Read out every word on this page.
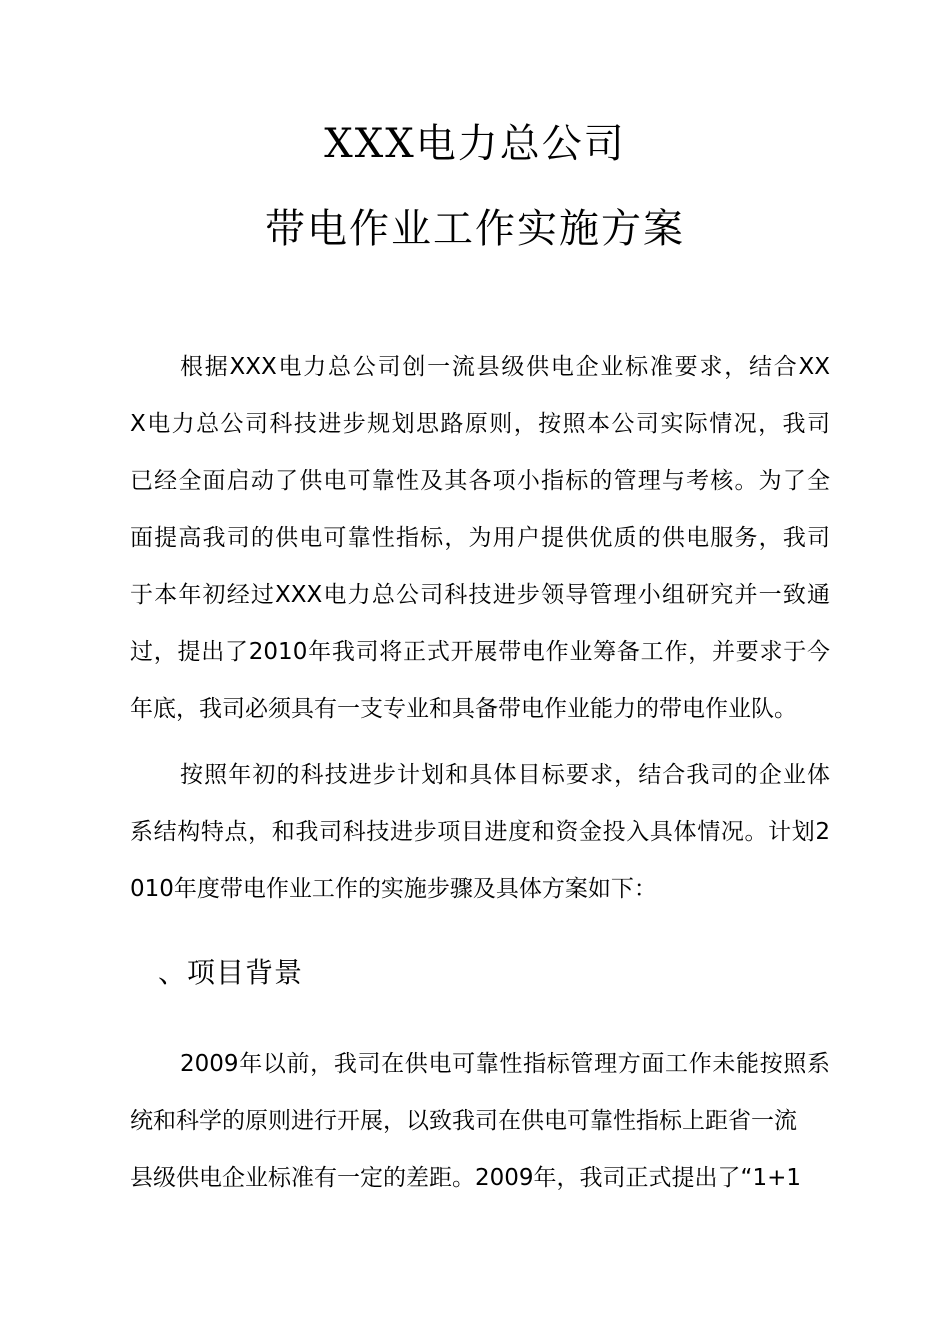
XXX电力总公司
带电作业工作实施方案
根据XXX电力总公司创一流县级供电企业标准要求，结合XX
X电力总公司科技进步规划思路原则，按照本公司实际情况，我司
已经全面启动了供电可靠性及其各项小指标的管理与考核。为了全
面提高我司的供电可靠性指标，为用户提供优质的供电服务，我司
于本年初经过XXX电力总公司科技进步领导管理小组研究并一致通
过，提出了2010年我司将正式开展带电作业筹备工作，并要求于今
年底，我司必须具有一支专业和具备带电作业能力的带电作业队。
按照年初的科技进步计划和具体目标要求，结合我司的企业体
系结构特点，和我司科技进步项目进度和资金投入具体情况。计划2
010年度带电作业工作的实施步骤及具体方案如下：
、项目背景
2009年以前，我司在供电可靠性指标管理方面工作未能按照系
统和科学的原则进行开展，以致我司在供电可靠性指标上距省一流
县级供电企业标准有一定的差距。2009年，我司正式提出了“1+1
